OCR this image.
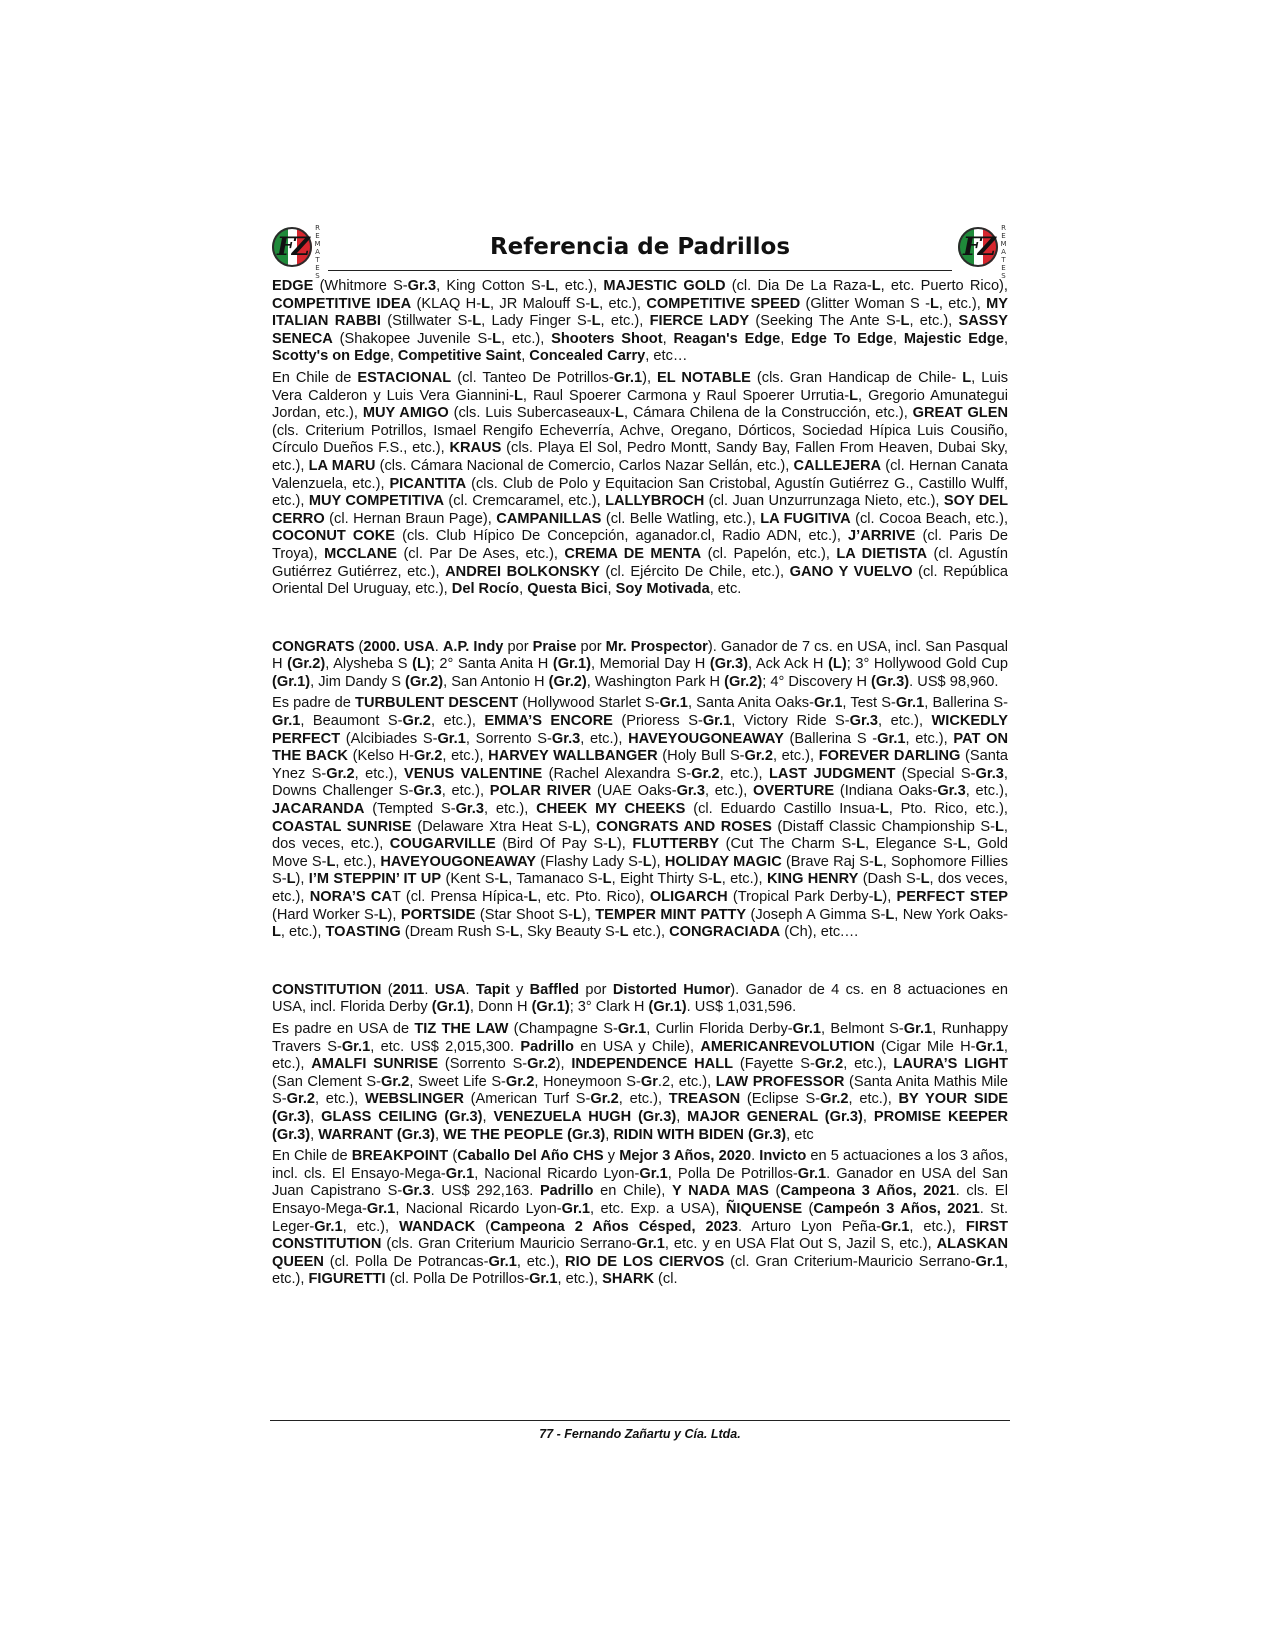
FZ
R
E
M
A
T
E
S
Referencia de Padrillos	FZ
R
E
M
A
T
E
S

EDGE (Whitmore S-Gr.3, King Cotton S-L, etc.), MAJESTIC GOLD (cl. Dia De La Raza-L, etc. Puerto Rico), COMPETITIVE IDEA (KLAQ H-L, JR Malouff S-L, etc.), COMPETITIVE SPEED (Glitter Woman S -L, etc.), MY ITALIAN RABBI (Stillwater S-L, Lady Finger S-L, etc.), FIERCE LADY (Seeking The Ante S-L, etc.), SASSY SENECA (Shakopee Juvenile S-L, etc.), Shooters Shoot, Reagan's Edge, Edge To Edge, Majestic Edge, Scotty's on Edge, Competitive Saint, Concealed Carry, etc…

En Chile de ESTACIONAL (cl. Tanteo De Potrillos-Gr.1), EL NOTABLE (cls. Gran Handicap de Chile- L, Luis Vera Calderon y Luis Vera Giannini-L, Raul Spoerer Carmona y Raul Spoerer Urrutia-L, Gregorio Amunategui Jordan, etc.), MUY AMIGO (cls. Luis Subercaseaux-L, Cámara Chilena de la Construcción, etc.), GREAT GLEN (cls. Criterium Potrillos, Ismael Rengifo Echeverría, Achve, Oregano, Dórticos, Sociedad Hípica Luis Cousiño, Círculo Dueños F.S., etc.), KRAUS (cls. Playa El Sol, Pedro Montt, Sandy Bay, Fallen From Heaven, Dubai Sky, etc.), LA MARU (cls. Cámara Nacional de Comercio, Carlos Nazar Sellán, etc.), CALLEJERA (cl. Hernan Canata Valenzuela, etc.), PICANTITA (cls. Club de Polo y Equitacion San Cristobal, Agustín Gutiérrez G., Castillo Wulff, etc.), MUY COMPETITIVA (cl. Cremcaramel, etc.), LALLYBROCH (cl. Juan Unzurrunzaga Nieto, etc.), SOY DEL CERRO (cl. Hernan Braun Page), CAMPANILLAS (cl. Belle Watling, etc.), LA FUGITIVA (cl. Cocoa Beach, etc.), COCONUT COKE (cls. Club Hípico De Concepción, aganador.cl, Radio ADN, etc.), J’ARRIVE (cl. Paris De Troya), MCCLANE (cl. Par De Ases, etc.), CREMA DE MENTA (cl. Papelón, etc.), LA DIETISTA (cl. Agustín Gutiérrez Gutiérrez, etc.), ANDREI BOLKONSKY (cl. Ejército De Chile, etc.), GANO Y VUELVO (cl. República Oriental Del Uruguay, etc.), Del Rocío, Questa Bici, Soy Motivada, etc.

CONGRATS (2000. USA. A.P. Indy por Praise por Mr. Prospector). Ganador de 7 cs. en USA, incl. San Pasqual H (Gr.2), Alysheba S (L); 2° Santa Anita H (Gr.1), Memorial Day H (Gr.3), Ack Ack H (L); 3° Hollywood Gold Cup (Gr.1), Jim Dandy S (Gr.2), San Antonio H (Gr.2), Washington Park H (Gr.2); 4° Discovery H (Gr.3). US$ 98,960.

Es padre de TURBULENT DESCENT (Hollywood Starlet S-Gr.1, Santa Anita Oaks-Gr.1, Test S-Gr.1, Ballerina S-Gr.1, Beaumont S-Gr.2, etc.), EMMA’S ENCORE (Prioress S-Gr.1, Victory Ride S-Gr.3, etc.), WICKEDLY PERFECT (Alcibiades S-Gr.1, Sorrento S-Gr.3, etc.), HAVEYOUGONEAWAY (Ballerina S -Gr.1, etc.), PAT ON THE BACK (Kelso H-Gr.2, etc.), HARVEY WALLBANGER (Holy Bull S-Gr.2, etc.), FOREVER DARLING (Santa Ynez S-Gr.2, etc.), VENUS VALENTINE (Rachel Alexandra S-Gr.2, etc.), LAST JUDGMENT (Special S-Gr.3, Downs Challenger S-Gr.3, etc.), POLAR RIVER (UAE Oaks-Gr.3, etc.), OVERTURE (Indiana Oaks-Gr.3, etc.), JACARANDA (Tempted S-Gr.3, etc.), CHEEK MY CHEEKS (cl. Eduardo Castillo Insua-L, Pto. Rico, etc.), COASTAL SUNRISE (Delaware Xtra Heat S-L), CONGRATS AND ROSES (Distaff Classic Championship S-L, dos veces, etc.), COUGARVILLE (Bird Of Pay S-L), FLUTTERBY (Cut The Charm S-L, Elegance S-L, Gold Move S-L, etc.), HAVEYOUGONEAWAY (Flashy Lady S-L), HOLIDAY MAGIC (Brave Raj S-L, Sophomore Fillies S-L), I’M STEPPIN’ IT UP (Kent S-L, Tamanaco S-L, Eight Thirty S-L, etc.), KING HENRY (Dash S-L, dos veces, etc.), NORA’S CAT (cl. Prensa Hípica-L, etc. Pto. Rico), OLIGARCH (Tropical Park Derby-L), PERFECT STEP (Hard Worker S-L), PORTSIDE (Star Shoot S-L), TEMPER MINT PATTY (Joseph A Gimma S-L, New York Oaks-L, etc.), TOASTING (Dream Rush S-L, Sky Beauty S-L etc.), CONGRACIADA (Ch), etc.…

CONSTITUTION (2011. USA. Tapit y Baffled por Distorted Humor). Ganador de 4 cs. en 8 actuaciones en USA, incl. Florida Derby (Gr.1), Donn H (Gr.1); 3° Clark H (Gr.1). US$ 1,031,596.

Es padre en USA de TIZ THE LAW (Champagne S-Gr.1, Curlin Florida Derby-Gr.1, Belmont S-Gr.1, Runhappy Travers S-Gr.1, etc. US$ 2,015,300. Padrillo en USA y Chile), AMERICANREVOLUTION (Cigar Mile H-Gr.1, etc.), AMALFI SUNRISE (Sorrento S-Gr.2), INDEPENDENCE HALL (Fayette S-Gr.2, etc.), LAURA’S LIGHT (San Clement S-Gr.2, Sweet Life S-Gr.2, Honeymoon S-Gr.2, etc.), LAW PROFESSOR (Santa Anita Mathis Mile S-Gr.2, etc.), WEBSLINGER (American Turf S-Gr.2, etc.), TREASON (Eclipse S-Gr.2, etc.), BY YOUR SIDE (Gr.3), GLASS CEILING (Gr.3), VENEZUELA HUGH (Gr.3), MAJOR GENERAL (Gr.3), PROMISE KEEPER (Gr.3), WARRANT (Gr.3), WE THE PEOPLE (Gr.3), RIDIN WITH BIDEN (Gr.3), etc

En Chile de BREAKPOINT (Caballo Del Año CHS y Mejor 3 Años, 2020. Invicto en 5 actuaciones a los 3 años, incl. cls. El Ensayo-Mega-Gr.1, Nacional Ricardo Lyon-Gr.1, Polla De Potrillos-Gr.1. Ganador en USA del San Juan Capistrano S-Gr.3. US$ 292,163. Padrillo en Chile), Y NADA MAS (Campeona 3 Años, 2021. cls. El Ensayo-Mega-Gr.1, Nacional Ricardo Lyon-Gr.1, etc. Exp. a USA), ÑIQUENSE (Campeón 3 Años, 2021. St. Leger-Gr.1, etc.), WANDACK (Campeona 2 Años Césped, 2023. Arturo Lyon Peña-Gr.1, etc.), FIRST CONSTITUTION (cls. Gran Criterium Mauricio Serrano-Gr.1, etc. y en USA Flat Out S, Jazil S, etc.), ALASKAN QUEEN (cl. Polla De Potrancas-Gr.1, etc.), RIO DE LOS CIERVOS (cl. Gran Criterium-Mauricio Serrano-Gr.1, etc.), FIGURETTI (cl. Polla De Potrillos-Gr.1, etc.), SHARK (cl.

77 - Fernando Zañartu y Cía. Ltda.
